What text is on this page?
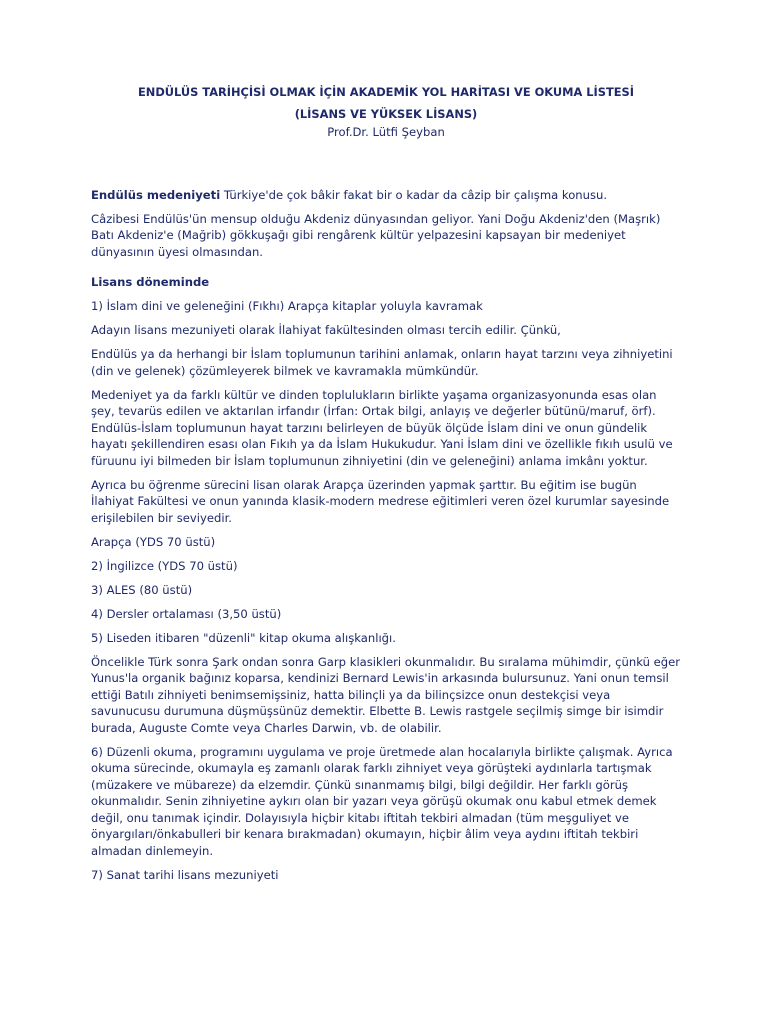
ENDÜLÜS TARİHÇİSİ OLMAK İÇİN AKADEMİK YOL HARİTASI VE OKUMA LİSTESİ

(LİSANS VE YÜKSEK LİSANS)

Prof.Dr. Lütfi Şeyban

Endülüs medeniyeti Türkiye'de çok bâkir fakat bir o kadar da câzip bir çalışma konusu.

Câzibesi Endülüs'ün mensup olduğu Akdeniz dünyasından geliyor. Yani Doğu Akdeniz'den (Maşrık) Batı Akdeniz'e (Mağrib) gökkuşağı gibi rengârenk kültür yelpazesini kapsayan bir medeniyet dünyasının üyesi olmasından.

Lisans döneminde

1) İslam dini ve geleneğini (Fıkhı) Arapça kitaplar yoluyla kavramak

Adayın lisans mezuniyeti olarak İlahiyat fakültesinden olması tercih edilir. Çünkü,

Endülüs ya da herhangi bir İslam toplumunun tarihini anlamak, onların hayat tarzını veya zihniyetini (din ve gelenek) çözümleyerek bilmek ve kavramakla mümkündür.

Medeniyet ya da farklı kültür ve dinden toplulukların birlikte yaşama organizasyonunda esas olan şey, tevarüs edilen ve aktarılan irfandır (İrfan: Ortak bilgi, anlayış ve değerler bütünü/maruf, örf). Endülüs-İslam toplumunun hayat tarzını belirleyen de büyük ölçüde İslam dini ve onun gündelik hayatı şekillendiren esası olan Fıkıh ya da İslam Hukukudur. Yani İslam dini ve özellikle fıkıh usulü ve füruunu iyi bilmeden bir İslam toplumunun zihniyetini (din ve geleneğini) anlama imkânı yoktur.

Ayrıca bu öğrenme sürecini lisan olarak Arapça üzerinden yapmak şarttır. Bu eğitim ise bugün İlahiyat Fakültesi ve onun yanında klasik-modern medrese eğitimleri veren özel kurumlar sayesinde erişilebilen bir seviyedir.

Arapça (YDS 70 üstü)

2) İngilizce (YDS 70 üstü)

3) ALES (80 üstü)

4) Dersler ortalaması (3,50 üstü)

5) Liseden itibaren "düzenli" kitap okuma alışkanlığı.

Öncelikle Türk sonra Şark ondan sonra Garp klasikleri okunmalıdır. Bu sıralama mühimdir, çünkü eğer Yunus'la organik bağınız koparsa, kendinizi Bernard Lewis'in arkasında bulursunuz. Yani onun temsil ettiği Batılı zihniyeti benimsemişsiniz, hatta bilinçli ya da bilinçsizce onun destekçisi veya savunucusu durumuna düşmüşsünüz demektir. Elbette B. Lewis rastgele seçilmiş simge bir isimdir burada, Auguste Comte veya Charles Darwin, vb. de olabilir.

6) Düzenli okuma, programını uygulama ve proje üretmede alan hocalarıyla birlikte çalışmak. Ayrıca okuma sürecinde, okumayla eş zamanlı olarak farklı zihniyet veya görüşteki aydınlarla tartışmak (müzakere ve mübareze) da elzemdir. Çünkü sınanmamış bilgi, bilgi değildir. Her farklı görüş okunmalıdır. Senin zihniyetine aykırı olan bir yazarı veya görüşü okumak onu kabul etmek demek değil, onu tanımak içindir. Dolayısıyla hiçbir kitabı iftitah tekbiri almadan (tüm meşguliyet ve önyargıları/önkabulleri bir kenara bırakmadan) okumayın, hiçbir âlim veya aydını iftitah tekbiri almadan dinlemeyin.

7) Sanat tarihi lisans mezuniyeti
